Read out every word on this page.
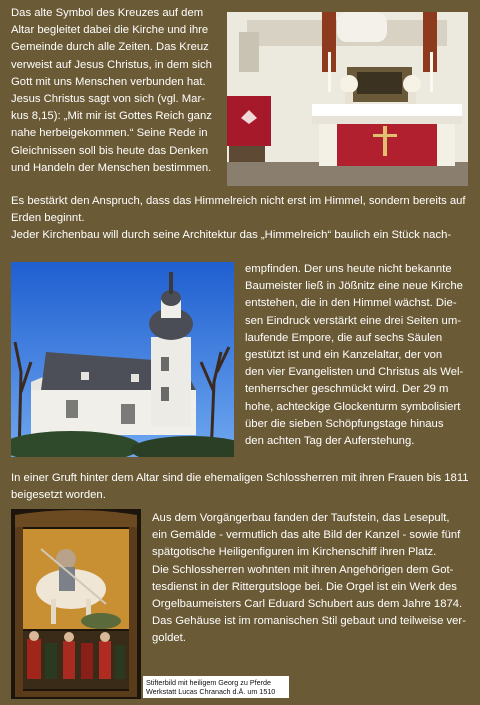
Das alte Symbol des Kreuzes auf dem
Altar begleitet dabei die Kirche und ihre
Gemeinde durch alle Zeiten. Das Kreuz
verweist auf Jesus Christus, in dem sich
Gott mit uns Menschen verbunden hat.
Jesus Christus sagt von sich (vgl. Mar-
kus 8,15): „Mit mir ist Gottes Reich ganz
nahe herbeigekommen.“ Seine Rede in
Gleichnissen soll bis heute das Denken
und Handeln der Menschen bestimmen.
Es bestärkt den Anspruch, dass das Himmelreich nicht erst im Himmel, sondern bereits auf
Erden beginnt.
Jeder Kirchenbau will durch seine Architektur das „Himmelreich“ baulich ein Stück nach-
empfinden. Der uns heute nicht bekannte
Baumeister ließ in Jößnitz eine neue Kirche
entstehen, die in den Himmel wächst. Die-
sen Eindruck verstärkt eine drei Seiten um-
laufende Empore, die auf sechs Säulen
gestützt ist und ein Kanzelaltar, der von
den vier Evangelisten und Christus als Wel-
tenherrscher geschmückt wird. Der 29 m
hohe, achteckige Glockenturm symbolisiert
über die sieben Schöpfungstage hinaus
den achten Tag der Auferstehung.
In einer Gruft hinter dem Altar sind die ehemaligen Schlossherren mit ihren Frauen bis 1811
beigesetzt worden.
Aus dem Vorgängerbau fanden der Taufstein, das Lesepult,
ein Gemälde - vermutlich das alte Bild der Kanzel - sowie fünf
spätgotische Heiligenfiguren im Kirchenschiff ihren Platz.
Die Schlossherren wohnten mit ihren Angehörigen dem Got-
tesdienst in der Rittergutsloge bei. Die Orgel ist ein Werk des
Orgelbaumeisters Carl Eduard Schubert aus dem Jahre 1874.
Das Gehäuse ist im romanischen Stil gebaut und teilweise ver-
goldet.
Stifterbild mit heiligem Georg zu Pferde
Werkstatt Lucas Chranach d.Ä. um 1510
